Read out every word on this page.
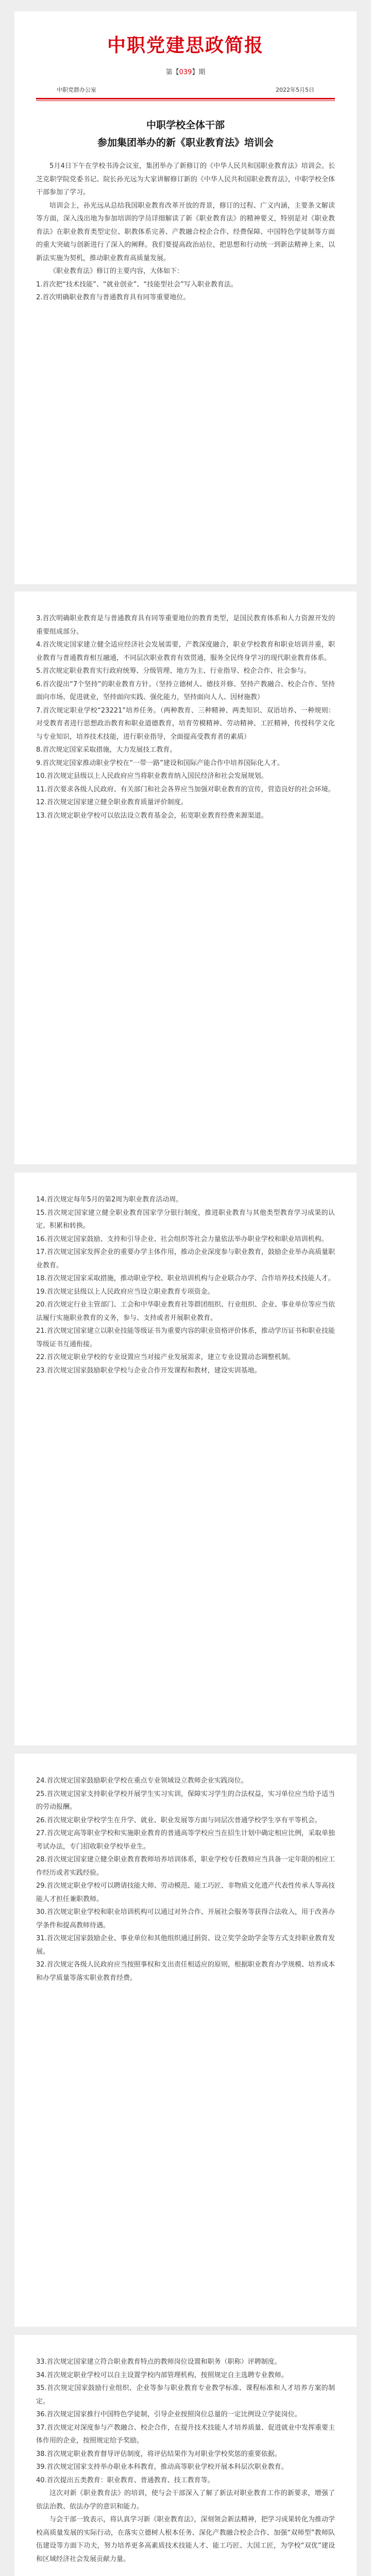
中职党建思政简报
第【039】期
中职党群办公室	2022年5月5日
中职学校全体干部
参加集团举办的新《职业教育法》培训会

5月4日下午在学校书涛会议室，集团举办了新修订的《中华人民共和国职业教育法》培训会。长芝克职学院党委书记、院长孙光远为大家讲解修订新的《中华人民共和国职业教育法》，中职学校全体干部参加了学习。

培训会上，孙光远从总结我国职业教育改革开放的背景，修订的过程、广义内涵，主要条文解读等方面，深入浅出地为参加培训的学员详细解读了新《职业教育法》的精神要义，特别是对《职业教育法》在职业教育类型定位、职教体系完善、产教融合校企合作、经费保障、中国特色学徒制等方面的重大突破与创新进行了深入的阐释。我们要提高政治站位，把思想和行动统一到新法精神上来，以新法实施为契机，推动职业教育高质量发展。

《职业教育法》修订的主要内容，大体如下：

1.首次把“技术技能”、“就业创业”、“技能型社会”写入职业教育法。

2.首次明确职业教育与普通教育具有同等重要地位。

3.首次明确职业教育是与普通教育具有同等重要地位的教育类型，是国民教育体系和人力资源开发的重要组成部分。

4.首次规定国家建立健全适应经济社会发展需要，产教深度融合，职业学校教育和职业培训并重，职业教育与普通教育相互融通，不同层次职业教育有效贯通，服务全民终身学习的现代职业教育体系。

5.首次规定职业教育实行政府统筹、分级管理、地方为主、行业指导、校企合作、社会参与。

6.首次提出“7个坚持”的职业教育方针。（坚持立德树人、德技并修、坚持产教融合、校企合作、坚持面向市场、促进就业，坚持面向实践、强化能力，坚持面向人人、因材施教）

7.首次规定职业学校“23221”培养任务。（两种教育、三种精神、两类知识、双语培养、一种规则：对受教育者进行思想政治教育和职业道德教育，培育劳模精神、劳动精神、工匠精神，传授科学文化与专业知识，培养技术技能，进行职业指导，全面提高受教育者的素质）

8.首次规定国家采取措施，大力发展技工教育。

9.首次规定国家推动职业学校在“一带一路”建设和国际产能合作中培养国际化人才。

10.首次规定县级以上人民政府应当将职业教育纳入国民经济和社会发展规划。

11.首次要求各级人民政府、有关部门和社会各界应当加强对职业教育的宣传，营造良好的社会环境。

12.首次规定国家建立健全职业教育质量评价制度。

13.首次规定职业学校可以依法设立教育基金会，拓宽职业教育经费来源渠道。

14.首次规定每年5月的第2周为职业教育活动周。

15.首次规定国家建立健全职业教育国家学分银行制度，推进职业教育与其他类型教育学习成果的认定、积累和转换。

16.首次规定国家鼓励、支持和引导企业、社会组织等社会力量依法举办职业学校和职业培训机构。

17.首次规定国家发挥企业的重要办学主体作用，推动企业深度参与职业教育，鼓励企业举办高质量职业教育。

18.首次规定国家采取措施，推动职业学校、职业培训机构与企业联合办学、合作培养技术技能人才。

19.首次规定县级以上人民政府应当设立职业教育专项资金。

20.首次规定行业主管部门、工会和中华职业教育社等群团组织、行业组织、企业、事业单位等应当依法履行实施职业教育的义务，参与、支持或者开展职业教育。

21.首次规定国家建立以职业技能等级证书为重要内容的职业资格评价体系，推动学历证书和职业技能等级证书互通衔接。

22.首次规定职业学校的专业设置应当对接产业发展需求，建立专业设置动态调整机制。

23.首次规定国家鼓励职业学校与企业合作开发课程和教材，建设实训基地。

24.首次规定国家鼓励职业学校在重点专业领域设立教师企业实践岗位。

25.首次规定国家支持职业学校开展学生实习实训，保障实习学生的合法权益，实习单位应当给予适当的劳动报酬。

26.首次规定职业学校学生在升学、就业、职业发展等方面与同层次普通学校学生享有平等机会。

27.首次规定高等职业学校和实施职业教育的普通高等学校应当在招生计划中确定相应比例，采取单独考试办法，专门招收职业学校毕业生。

28.首次规定国家建立健全职业教育教师培养培训体系，职业学校专任教师应当具备一定年限的相应工作经历或者实践经验。

29.首次规定职业学校可以聘请技能大师、劳动模范、能工巧匠、非物质文化遗产代表性传承人等高技能人才担任兼职教师。

30.首次规定职业学校和职业培训机构可以通过对外合作、开展社会服务等获得合法收入，用于改善办学条件和提高教师待遇。

31.首次规定国家鼓励企业、事业单位和其他组织通过捐资、设立奖学金助学金等方式支持职业教育发展。

32.首次规定各级人民政府应当按照事权和支出责任相适应的原则，根据职业教育办学规模、培养成本和办学质量等落实职业教育经费。

33.首次规定国家建立符合职业教育特点的教师岗位设置和职务（职称）评聘制度。

34.首次规定职业学校可以自主设置学校内部管理机构，按照规定自主选聘专业教师。

35.首次规定国家鼓励行业组织、企业等参与职业教育专业教学标准、课程标准和人才培养方案的制定。

36.首次规定国家推行中国特色学徒制，引导企业按照岗位总量的一定比例设立学徒岗位。

37.首次规定对深度参与产教融合、校企合作，在提升技术技能人才培养质量、促进就业中发挥重要主体作用的企业，按照规定给予奖励。

38.首次规定职业教育督导评估制度，将评估结果作为对职业学校奖惩的重要依据。

39.首次规定国家支持举办职业本科教育，推动高等职业学校开展本科层次职业教育。

40.首次提出五类教育：职业教育、普通教育、技工教育等。

这次对新《职业教育法》的培训，使与会干部深入了解了新法对职业教育工作的新要求，增强了依法治教、依法办学的意识和能力。

与会干部一致表示，将认真学习新《职业教育法》，深刻领会新法精神，把学习成果转化为推动学校高质量发展的实际行动，在落实立德树人根本任务、深化产教融合校企合作、加强“双师型”教师队伍建设等方面下功夫，努力培养更多高素质技术技能人才、能工巧匠、大国工匠，为学校“双优”建设和区域经济社会发展贡献力量。
